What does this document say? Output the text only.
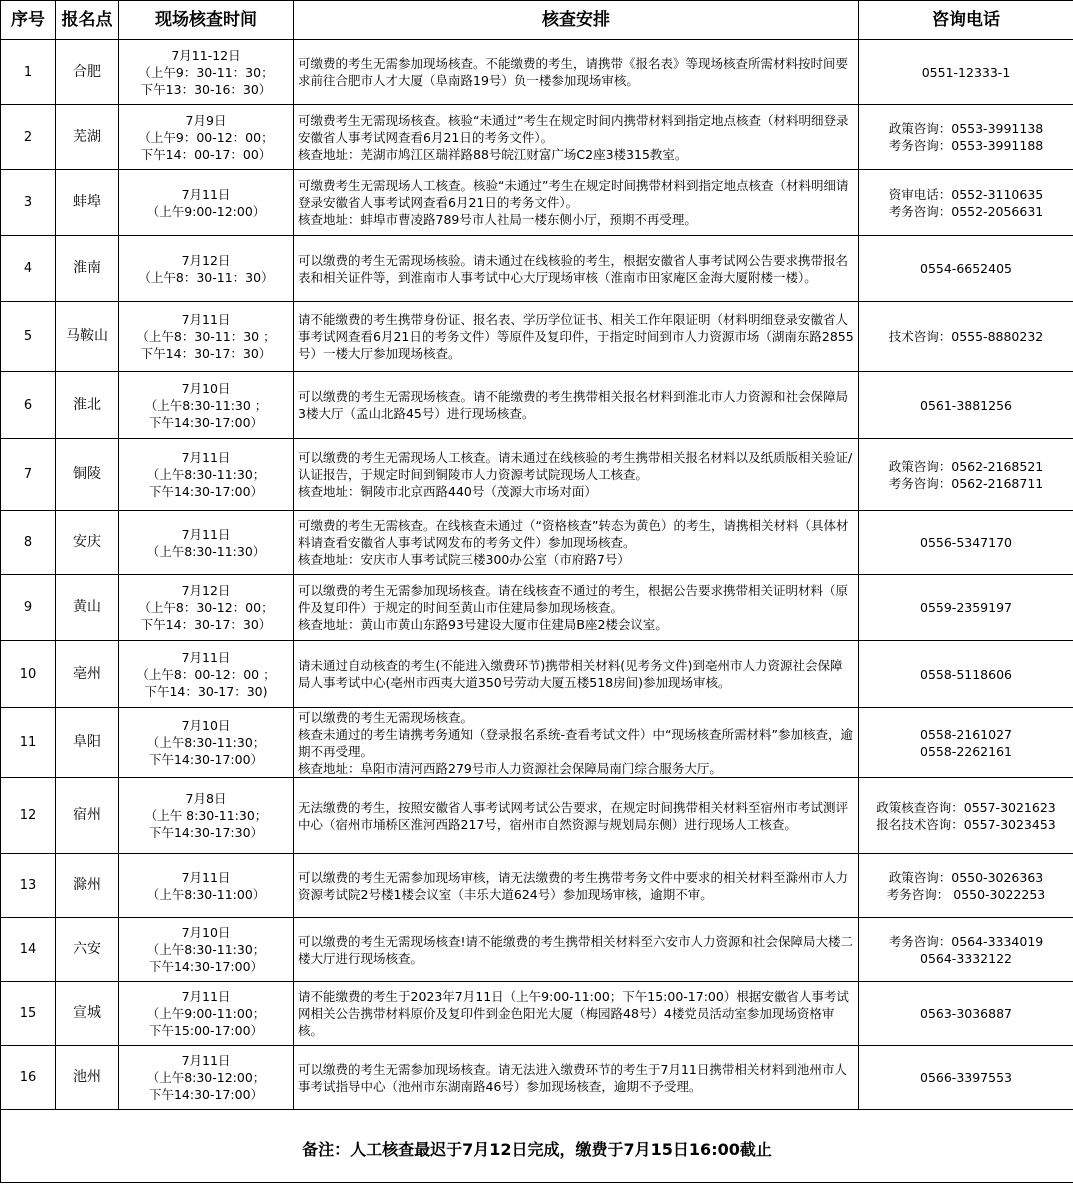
序号	报名点	现场核查时间	核查安排	咨询电话
1	合肥	7月11-12日
（上午9：30-11：30；
下午13：30-16：30）	可缴费的考生无需参加现场核查。不能缴费的考生，请携带《报名表》等现场核查所需材料按时间要求前往合肥市人才大厦（阜南路19号）负一楼参加现场审核。	0551-12333-1

2	芜湖	7月9日
（上午9：00-12：00；
下午14：00-17：00）	可缴费考生无需现场核查。核验“未通过”考生在规定时间内携带材料到指定地点核查（材料明细登录安徽省人事考试网查看6月21日的考务文件）。
核查地址：芜湖市鸠江区瑞祥路88号皖江财富广场C2座3楼315教室。	政策咨询：0553-3991138
考务咨询：0553-3991188

3	蚌埠	7月11日
（上午9:00-12:00）	可缴费考生无需现场人工核查。核验“未通过”考生在规定时间携带材料到指定地点核查（材料明细请登录安徽省人事考试网查看6月21日的考务文件）。
核查地址：蚌埠市曹凌路789号市人社局一楼东侧小厅，预期不再受理。	资审电话：0552-3110635
考务咨询：0552-2056631

4	淮南	7月12日
（上午8：30-11：30）	可以缴费的考生无需现场核验。请未通过在线核验的考生，根据安徽省人事考试网公告要求携带报名表和相关证件等，到淮南市人事考试中心大厅现场审核（淮南市田家庵区金海大厦附楼一楼）。	0554-6652405

5	马鞍山	7月11日
（上午8：30-11：30 ；
下午14：30-17：30）	请不能缴费的考生携带身份证、报名表、学历学位证书、相关工作年限证明（材料明细登录安徽省人事考试网查看6月21日的考务文件）等原件及复印件，于指定时间到市人力资源市场（湖南东路2855号）一楼大厅参加现场核查。	技术咨询：0555-8880232

6	淮北	7月10日
（上午8:30-11:30 ；
下午14:30-17:00）	可以缴费的考生无需现场核查。请不能缴费的考生携带相关报名材料到淮北市人力资源和社会保障局3楼大厅（孟山北路45号）进行现场核查。	0561-3881256

7	铜陵	7月11日
（上午8:30-11:30；
下午14:30-17:00）	可以缴费的考生无需现场人工核查。请未通过在线核验的考生携带相关报名材料以及纸质版相关验证/认证报告，于规定时间到铜陵市人力资源考试院现场人工核查。
核查地址：铜陵市北京西路440号（茂源大市场对面）	政策咨询：0562-2168521
考务咨询：0562-2168711

8	安庆	7月11日
（上午8:30-11:30）	可缴费的考生无需核查。在线核查未通过（“资格核查”转态为黄色）的考生，请携相关材料（具体材料请查看安徽省人事考试网发布的考务文件）参加现场核查。
核查地址：安庆市人事考试院三楼300办公室（市府路7号）	0556-5347170

9	黄山	7月12日
（上午8：30-12：00；
下午14：30-17：30）	可以缴费的考生无需参加现场核查。请在线核查不通过的考生，根据公告要求携带相关证明材料（原件及复印件）于规定的时间至黄山市住建局参加现场核查。
核查地址：黄山市黄山东路93号建设大厦市住建局B座2楼会议室。	0559-2359197

10	亳州	7月11日
（上午8：00-12：00 ；
下午14：30-17：30)	请未通过自动核查的考生(不能进入缴费环节)携带相关材料(见考务文件)到亳州市人力资源社会保障局人事考试中心(亳州市西夷大道350号劳动大厦五楼518房间)参加现场审核。	0558-5118606

11	阜阳	7月10日
（上午8:30-11:30；
下午14:30-17:00）	可以缴费的考生无需现场核查。
核查未通过的考生请携考务通知（登录报名系统-查看考试文件）中“现场核查所需材料”参加核查，逾期不再受理。
核查地址：阜阳市清河西路279号市人力资源社会保障局南门综合服务大厅。	0558-2161027
0558-2262161

12	宿州	7月8日
（上午 8:30-11:30；
下午14:30-17:30）	无法缴费的考生，按照安徽省人事考试网考试公告要求，在规定时间携带相关材料至宿州市考试测评中心（宿州市埇桥区淮河西路217号，宿州市自然资源与规划局东侧）进行现场人工核查。	政策核查咨询：0557-3021623
报名技术咨询：0557-3023453

13	滁州	7月11日
（上午8:30-11:00）	可以缴费的考生无需参加现场审核，请无法缴费的考生携带考务文件中要求的相关材料至滁州市人力资源考试院2号楼1楼会议室（丰乐大道624号）参加现场审核，逾期不审。	政策咨询：0550-3026363
考务咨询： 0550-3022253

14	六安	7月10日
（上午8:30-11:30；
下午14:30-17:00）	可以缴费的考生无需现场核查!请不能缴费的考生携带相关材料至六安市人力资源和社会保障局大楼二楼大厅进行现场核查。	考务咨询：0564-3334019
0564-3332122

15	宣城	7月11日
（上午9:00-11:00；
下午15:00-17:00）	请不能缴费的考生于2023年7月11日（上午9:00-11:00；下午15:00-17:00）根据安徽省人事考试网相关公告携带材料原价及复印件到金色阳光大厦（梅园路48号）4楼党员活动室参加现场资格审核。	0563-3036887

16	池州	7月11日
（上午8:30-12:00；
下午14:30-17:00）	可以缴费的考生无需参加现场核查。请无法进入缴费环节的考生于7月11日携带相关材料到池州市人事考试指导中心（池州市东湖南路46号）参加现场核查，逾期不予受理。	0566-3397553

备注：人工核查最迟于7月12日完成，缴费于7月15日16:00截止				
